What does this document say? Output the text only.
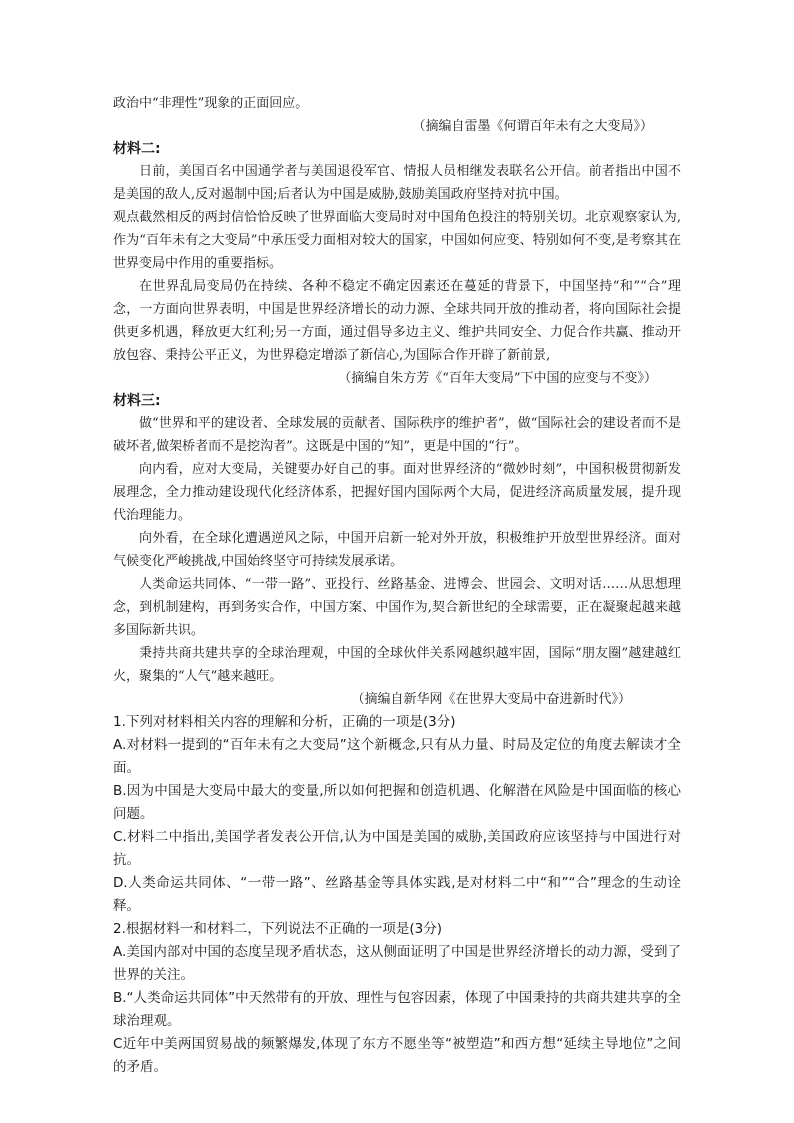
政治中“非理性”现象的正面回应。

（摘编自雷墨《何谓百年未有之大变局》）

材料二:

日前，美国百名中国通学者与美国退役军官、情报人员相继发表联名公开信。前者指出中国不是美国的敌人,反对遏制中国;后者认为中国是威胁,鼓励美国政府坚持对抗中国。

观点截然相反的两封信恰恰反映了世界面临大变局时对中国角色投注的特别关切。北京观察家认为,作为“百年未有之大变局”中承压受力面相对较大的国家，中国如何应变、特别如何不变,是考察其在世界变局中作用的重要指标。

在世界乱局变局仍在持续、各种不稳定不确定因素还在蔓延的背景下，中国坚持“和”“合”理念，一方面向世界表明，中国是世界经济增长的动力源、全球共同开放的推动者，将向国际社会提供更多机遇，释放更大红利;另一方面，通过倡导多边主义、维护共同安全、力促合作共赢、推动开放包容、秉持公平正义，为世界稳定增添了新信心,为国际合作开辟了新前景,

（摘编自朱方芳《“百年大变局”下中国的应变与不变》）

材料三:

做“世界和平的建设者、全球发展的贡献者、国际秩序的维护者”，做“国际社会的建设者而不是破坏者,做架桥者而不是挖沟者”。这既是中国的“知”，更是中国的“行”。

向内看，应对大变局，关键要办好自己的事。面对世界经济的“微妙时刻”，中国积极贯彻新发展理念，全力推动建设现代化经济体系，把握好国内国际两个大局，促进经济高质量发展，提升现代治理能力。

向外看，在全球化遭遇逆风之际，中国开启新一轮对外开放，积极维护开放型世界经济。面对气候变化严峻挑战,中国始终坚守可持续发展承诺。

人类命运共同体、“一带一路”、亚投行、丝路基金、进博会、世园会、文明对话……从思想理念，到机制建构，再到务实合作，中国方案、中国作为,契合新世纪的全球需要，正在凝聚起越来越多国际新共识。

秉持共商共建共享的全球治理观，中国的全球伙伴关系网越织越牢固，国际“朋友圈”越建越红火，聚集的“人气”越来越旺。

（摘编自新华网《在世界大变局中奋进新时代》）

1.下列对材料相关内容的理解和分析，正确的一项是(3分)

A.对材料一提到的“百年未有之大变局”这个新概念,只有从力量、时局及定位的角度去解读才全面。

B.因为中国是大变局中最大的变量,所以如何把握和创造机遇、化解潜在风险是中国面临的核心问题。

C.材料二中指出,美国学者发表公开信,认为中国是美国的威胁,美国政府应该坚持与中国进行对抗。

D.人类命运共同体、“一带一路”、丝路基金等具体实践,是对材料二中“和”“合”理念的生动诠释。

2.根据材料一和材料二，下列说法不正确的一项是(3分)

A.美国内部对中国的态度呈现矛盾状态，这从侧面证明了中国是世界经济增长的动力源，受到了世界的关注。

B.“人类命运共同体”中天然带有的开放、理性与包容因素，体现了中国秉持的共商共建共享的全球治理观。

C近年中美两国贸易战的频繁爆发,体现了东方不愿坐等“被塑造”和西方想“延续主导地位”之间的矛盾。
